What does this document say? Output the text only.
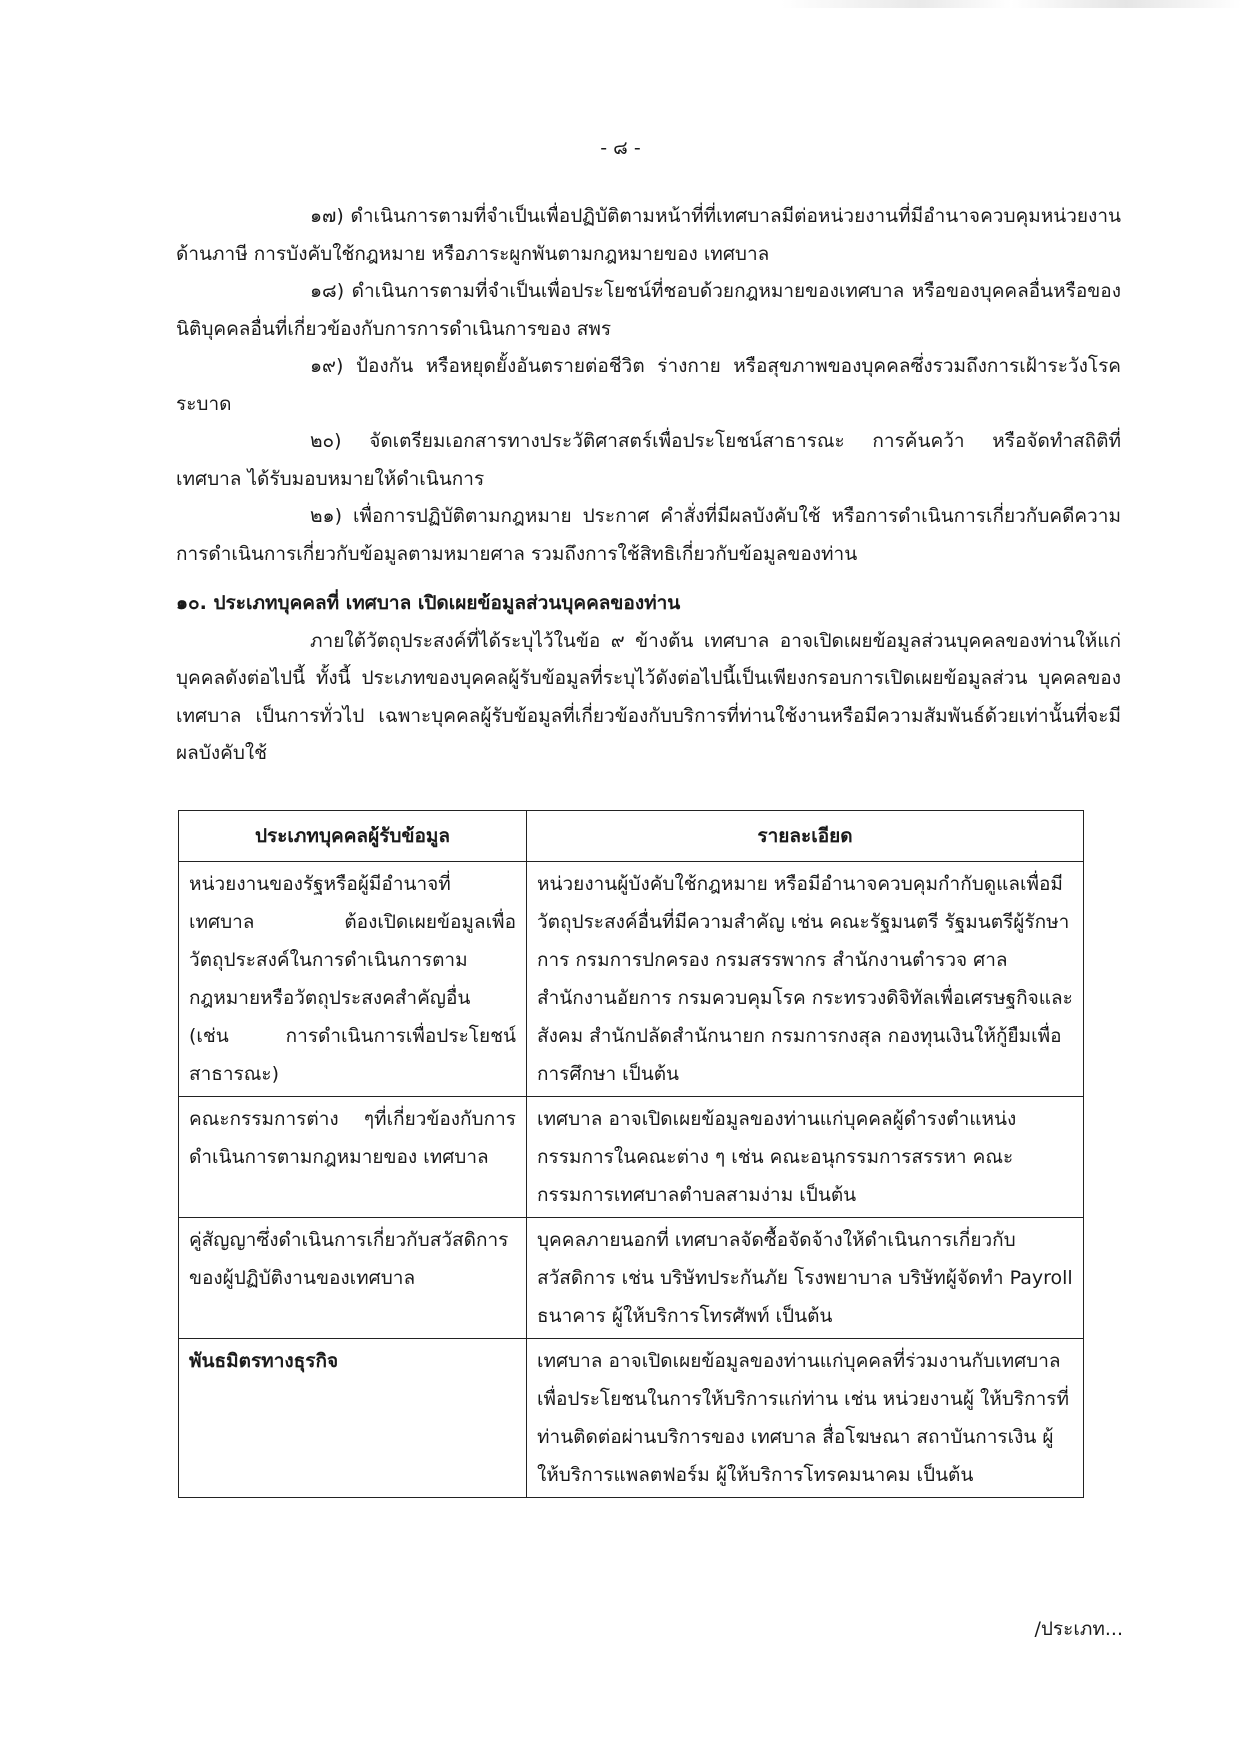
- ๘ -

๑๗) ดำเนินการตามที่จำเป็นเพื่อปฏิบัติตามหน้าที่ที่เทศบาลมีต่อหน่วยงานที่มีอำนาจควบคุมหน่วยงานด้านภาษี การบังคับใช้กฎหมาย หรือภาระผูกพันตามกฎหมายของ เทศบาล

๑๘) ดำเนินการตามที่จำเป็นเพื่อประโยชน์ที่ชอบด้วยกฎหมายของเทศบาล หรือของบุคคลอื่นหรือของนิติบุคคลอื่นที่เกี่ยวข้องกับการการดำเนินการของ สพร

๑๙) ป้องกัน หรือหยุดยั้งอันตรายต่อชีวิต ร่างกาย หรือสุขภาพของบุคคลซึ่งรวมถึงการเฝ้าระวังโรคระบาด

๒๐) จัดเตรียมเอกสารทางประวัติศาสตร์เพื่อประโยชน์สาธารณะ การค้นคว้า หรือจัดทำสถิติที่เทศบาล ได้รับมอบหมายให้ดำเนินการ

๒๑) เพื่อการปฏิบัติตามกฎหมาย ประกาศ คำสั่งที่มีผลบังคับใช้ หรือการดำเนินการเกี่ยวกับคดีความ การดำเนินการเกี่ยวกับข้อมูลตามหมายศาล รวมถึงการใช้สิทธิเกี่ยวกับข้อมูลของท่าน

๑๐. ประเภทบุคคลที่ เทศบาล เปิดเผยข้อมูลส่วนบุคคลของท่าน

ภายใต้วัตถุประสงค์ที่ได้ระบุไว้ในข้อ ๙ ข้างต้น เทศบาล อาจเปิดเผยข้อมูลส่วนบุคคลของท่านให้แก่ บุคคลดังต่อไปนี้ ทั้งนี้ ประเภทของบุคคลผู้รับข้อมูลที่ระบุไว้ดังต่อไปนี้เป็นเพียงกรอบการเปิดเผยข้อมูลส่วน บุคคลของ เทศบาล เป็นการทั่วไป เฉพาะบุคคลผู้รับข้อมูลที่เกี่ยวข้องกับบริการที่ท่านใช้งานหรือมีความสัมพันธ์ด้วยเท่านั้นที่จะมีผลบังคับใช้

ประเภทบุคคลผู้รับข้อมูล	รายละเอียด
หน่วยงานของรัฐหรือผู้มีอำนาจที่เทศบาล ต้องเปิดเผยข้อมูลเพื่อวัตถุประสงค์ในการดำเนินการตามกฎหมายหรือวัตถุประสงคสำคัญอื่น (เช่น การดำเนินการเพื่อประโยชน์สาธารณะ)	หน่วยงานผู้บังคับใช้กฎหมาย หรือมีอำนาจควบคุมกำกับดูแลเพื่อมีวัตถุประสงค์อื่นที่มีความสำคัญ เช่น คณะรัฐมนตรี รัฐมนตรีผู้รักษาการ กรมการปกครอง กรมสรรพากร สำนักงานตำรวจ ศาล สำนักงานอัยการ กรมควบคุมโรค กระทรวงดิจิทัลเพื่อเศรษฐกิจและสังคม สำนักปลัดสำนักนายก กรมการกงสุล กองทุนเงินให้กู้ยืมเพื่อการศึกษา เป็นต้น
คณะกรรมการต่าง ๆที่เกี่ยวข้องกับการดำเนินการตามกฎหมายของ เทศบาล	เทศบาล อาจเปิดเผยข้อมูลของท่านแก่บุคคลผู้ดำรงตำแหน่งกรรมการในคณะต่าง ๆ เช่น คณะอนุกรรมการสรรหา คณะกรรมการเทศบาลตำบลสามง่าม เป็นต้น
คู่สัญญาซึ่งดำเนินการเกี่ยวกับสวัสดิการ ของผู้ปฏิบัติงานของเทศบาล	บุคคลภายนอกที่ เทศบาลจัดซื้อจัดจ้างให้ดำเนินการเกี่ยวกับสวัสดิการ เช่น บริษัทประกันภัย โรงพยาบาล บริษัทผู้จัดทำ Payroll ธนาคาร ผู้ให้บริการโทรศัพท์ เป็นต้น
พันธมิตรทางธุรกิจ	เทศบาล อาจเปิดเผยข้อมูลของท่านแก่บุคคลที่ร่วมงานกับเทศบาล เพื่อประโยชนในการให้บริการแก่ท่าน เช่น หน่วยงานผู้ ให้บริการที่ท่านติดต่อผ่านบริการของ เทศบาล สื่อโฆษณา สถาบันการเงิน ผู้ให้บริการแพลตฟอร์ม ผู้ให้บริการโทรคมนาคม เป็นต้น
/ประเภท...
